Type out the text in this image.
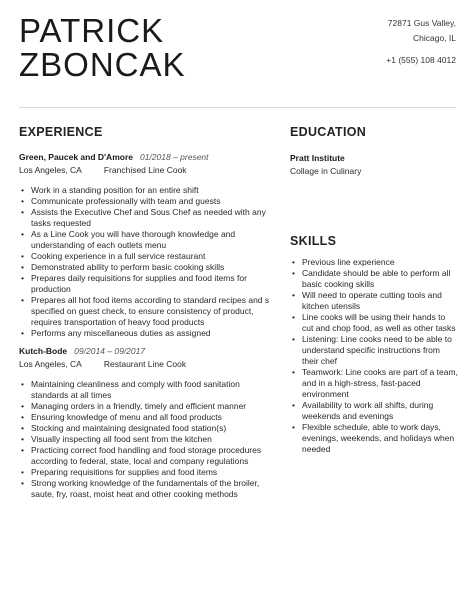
PATRICK
ZBONCAK
72871 Gus Valley,
Chicago, IL
+1 (555) 108 4012
EXPERIENCE
Green, Paucek and D'Amore 01/2018 – present
Los Angeles, CA	Franchised Line Cook
• Work in a standing position for an entire shift
• Communicate professionally with team and guests
• Assists the Executive Chef and Sous Chef as needed with any tasks requested
• As a Line Cook you will have thorough knowledge and understanding of each outlets menu
• Cooking experience in a full service restaurant
• Demonstrated ability to perform basic cooking skills
• Prepares daily requisitions for supplies and food items for production
• Prepares all hot food items according to standard recipes and s specified on guest check, to ensure consistency of product, requires transportation of heavy food products
• Performs any miscellaneous duties as assigned
Kutch-Bode 09/2014 – 09/2017
Los Angeles, CA	Restaurant Line Cook
• Maintaining cleanliness and comply with food sanitation standards at all times
• Managing orders in a friendly, timely and efficient manner
• Ensuring knowledge of menu and all food products
• Stocking and maintaining designated food station(s)
• Visually inspecting all food sent from the kitchen
• Practicing correct food handling and food storage procedures according to federal, state, local and company regulations
• Preparing requisitions for supplies and food items
• Strong working knowledge of the fundamentals of the broiler, saute, fry, roast, moist heat and other cooking methods
EDUCATION
Pratt Institute
Collage in Culinary
SKILLS
• Previous line experience
• Candidate should be able to perform all basic cooking skills
• Will need to operate cutting tools and kitchen utensils
• Line cooks will be using their hands to cut and chop food, as well as other tasks
• Listening: Line cooks need to be able to understand specific instructions from their chef
• Teamwork: Line cooks are part of a team, and in a high-stress, fast-paced environment
• Availability to work all shifts, during weekends and evenings
• Flexible schedule, able to work days, evenings, weekends, and holidays when needed
